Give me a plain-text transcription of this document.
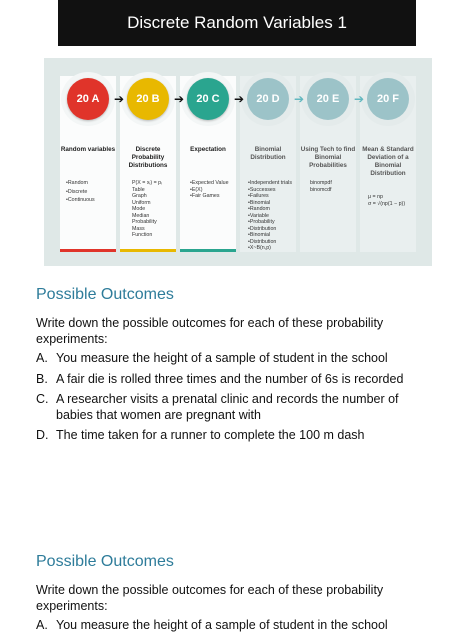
Discrete Random Variables 1
Random variables
• Random
• Discrete
• Continuous
Discrete Probability Distributions
P(X = xᵢ) = pᵢ
Table
Graph
Uniform
Mode
Median
Probability
Mass
Function
Expectation
• Expected Value
• E(X)
• Fair Games
Binomial Distribution
• Independent trials
• Successes
• Failures
• Binomial
• Random
• Variable
• Probability
• Distribution
• Binomial
• Distribution
• X~B(n,p)
Using Tech to find Binomial Probabilities
binompdf
binomcdf
Mean & Standard Deviation of a Binomial Distribution
μ = np
σ = √(np(1 − p))
20 A	20 B	20 C	20 D	20 E	20 F
➔	➔	➔	➔	➔
Possible Outcomes
Write down the possible outcomes for each of these probability experiments:
A. You measure the height of a sample of student in the school
B. A fair die is rolled three times and the number of 6s is recorded
C. A researcher visits a prenatal clinic and records the number of babies that women are pregnant with
D. The time taken for a runner to complete the 100 m dash
Possible Outcomes
Write down the possible outcomes for each of these probability experiments:
A. You measure the height of a sample of student in the school
